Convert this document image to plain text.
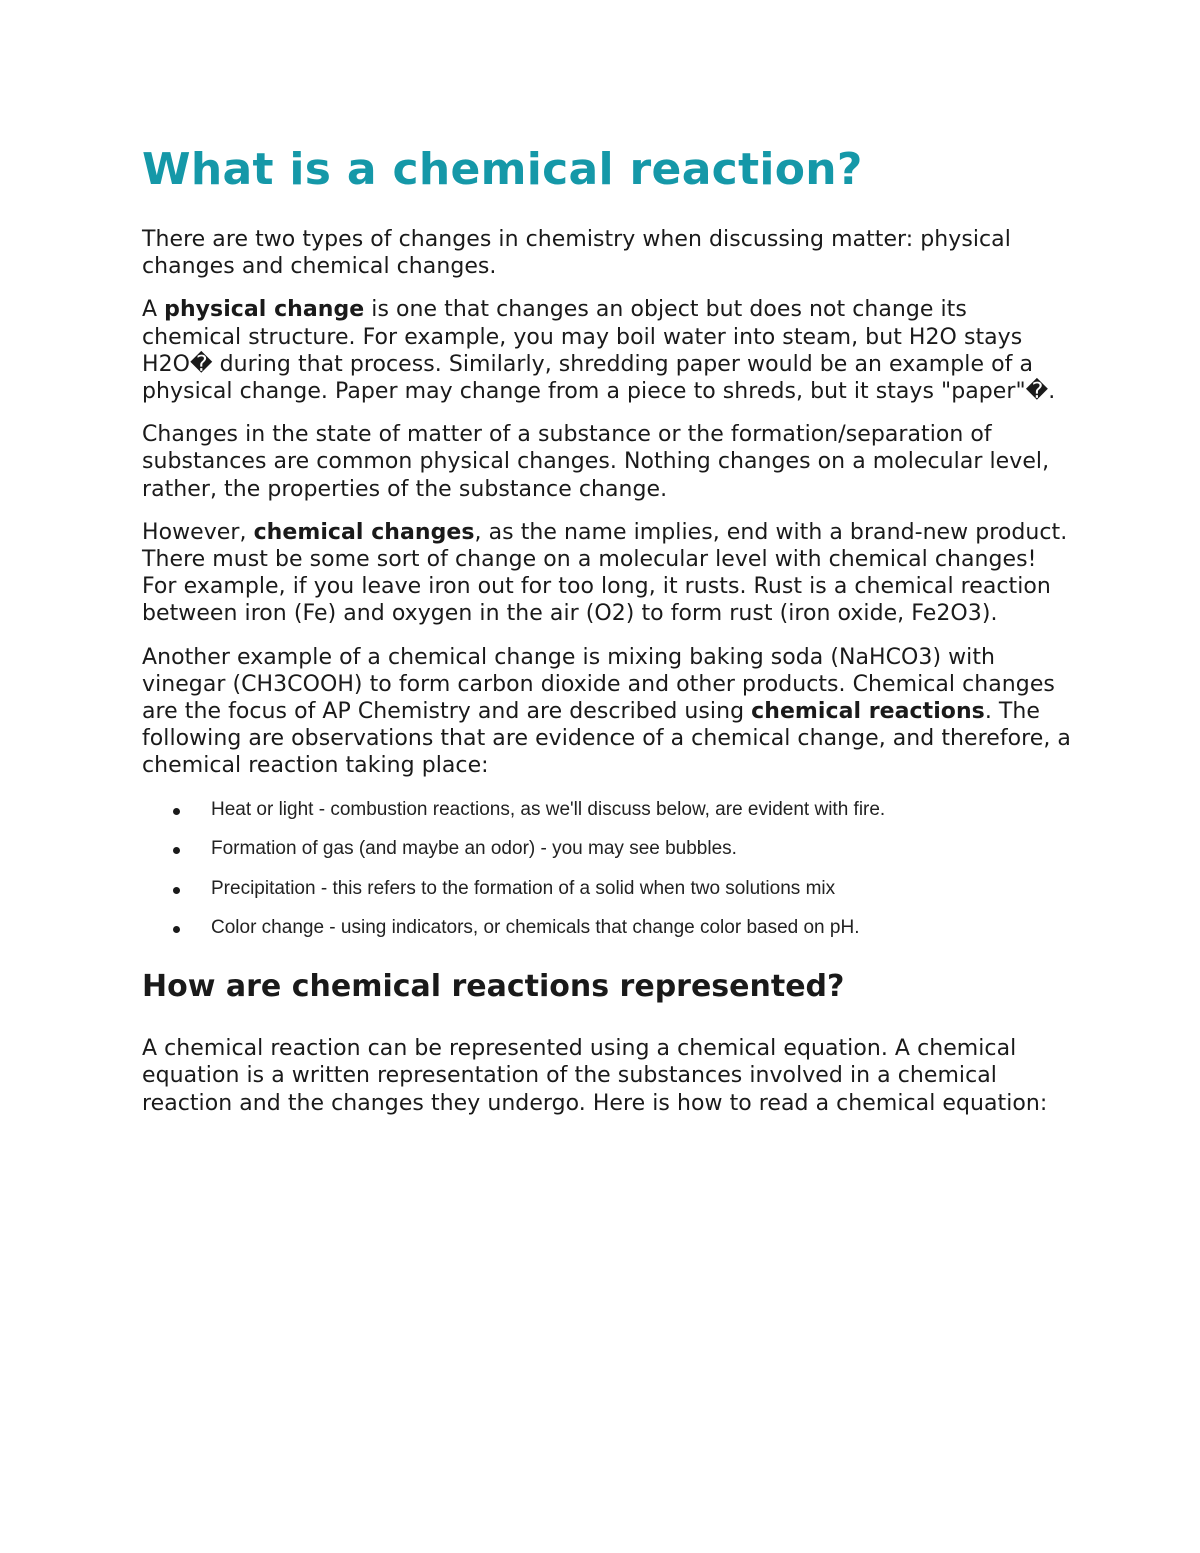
What is a chemical reaction?

There are two types of changes in chemistry when discussing matter: physical changes and chemical changes.

A physical change is one that changes an object but does not change its chemical structure. For example, you may boil water into steam, but H2O stays H2O� during that process. Similarly, shredding paper would be an example of a physical change. Paper may change from a piece to shreds, but it stays "paper"�.

Changes in the state of matter of a substance or the formation/separation of substances are common physical changes. Nothing changes on a molecular level, rather, the properties of the substance change.

However, chemical changes, as the name implies, end with a brand-new product. There must be some sort of change on a molecular level with chemical changes! For example, if you leave iron out for too long, it rusts. Rust is a chemical reaction between iron (Fe) and oxygen in the air (O2) to form rust (iron oxide, Fe2O3).

Another example of a chemical change is mixing baking soda (NaHCO3) with vinegar (CH3COOH) to form carbon dioxide and other products. Chemical changes are the focus of AP Chemistry and are described using chemical reactions. The following are observations that are evidence of a chemical change, and therefore, a chemical reaction taking place:

Heat or light - combustion reactions, as we'll discuss below, are evident with fire.
Formation of gas (and maybe an odor) - you may see bubbles.
Precipitation - this refers to the formation of a solid when two solutions mix
Color change - using indicators, or chemicals that change color based on pH.
How are chemical reactions represented?

A chemical reaction can be represented using a chemical equation. A chemical equation is a written representation of the substances involved in a chemical reaction and the changes they undergo. Here is how to read a chemical equation:
